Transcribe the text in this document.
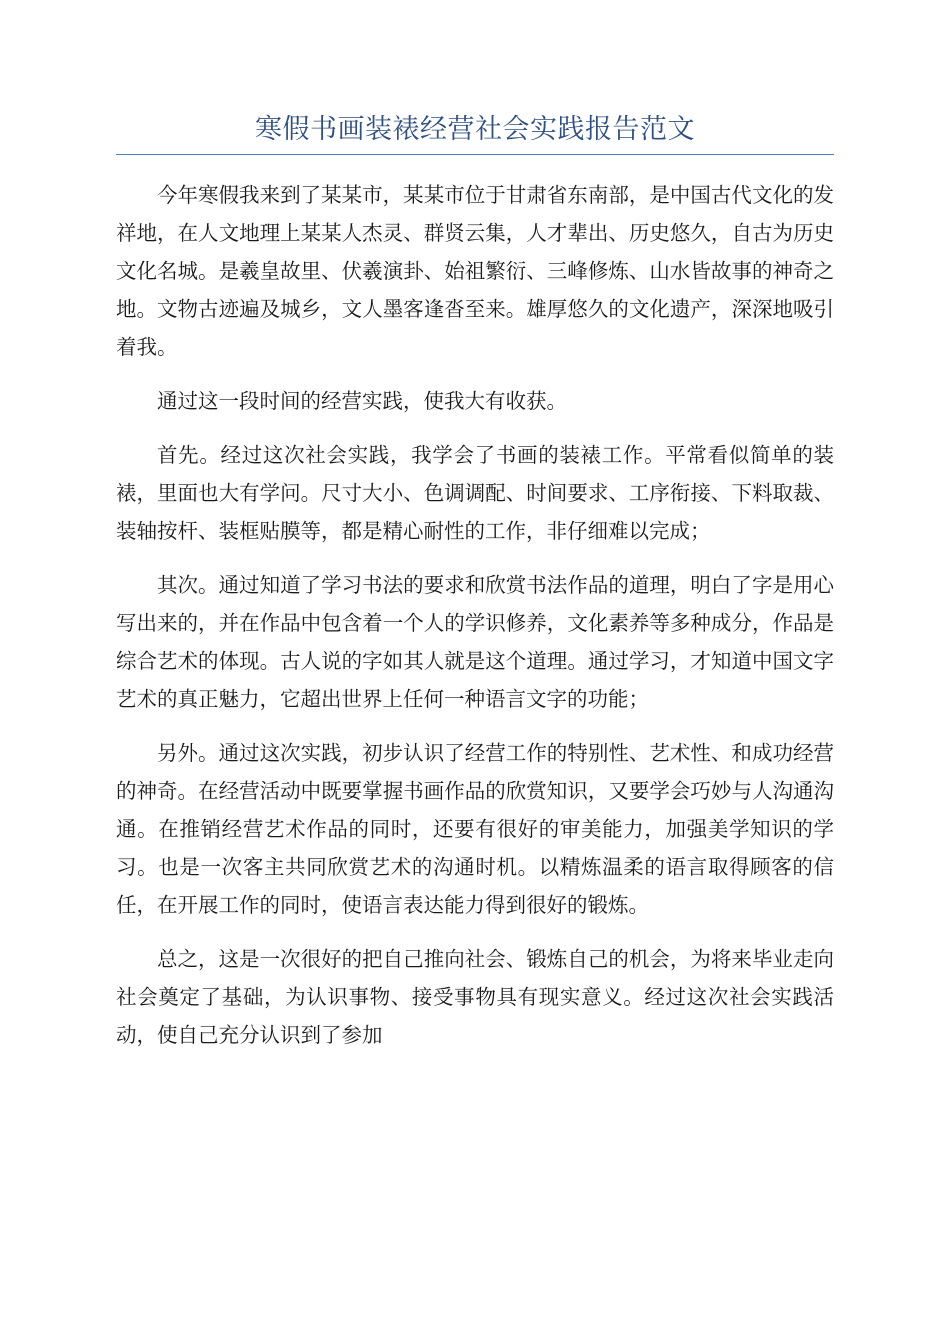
寒假书画装裱经营社会实践报告范文

今年寒假我来到了某某市，某某市位于甘肃省东南部，是中国古代文化的发祥地，在人文地理上某某人杰灵、群贤云集，人才辈出、历史悠久，自古为历史文化名城。是羲皇故里、伏羲演卦、始祖繁衍、三峰修炼、山水皆故事的神奇之地。文物古迹遍及城乡，文人墨客逢沓至来。雄厚悠久的文化遗产，深深地吸引着我。

通过这一段时间的经营实践，使我大有收获。

首先。经过这次社会实践，我学会了书画的装裱工作。平常看似简单的装裱，里面也大有学问。尺寸大小、色调调配、时间要求、工序衔接、下料取裁、装轴按杆、装框贴膜等，都是精心耐性的工作，非仔细难以完成；

其次。通过知道了学习书法的要求和欣赏书法作品的道理，明白了字是用心写出来的，并在作品中包含着一个人的学识修养，文化素养等多种成分，作品是综合艺术的体现。古人说的字如其人就是这个道理。通过学习，才知道中国文字艺术的真正魅力，它超出世界上任何一种语言文字的功能；

另外。通过这次实践，初步认识了经营工作的特别性、艺术性、和成功经营的神奇。在经营活动中既要掌握书画作品的欣赏知识，又要学会巧妙与人沟通沟通。在推销经营艺术作品的同时，还要有很好的审美能力，加强美学知识的学习。也是一次客主共同欣赏艺术的沟通时机。以精炼温柔的语言取得顾客的信任，在开展工作的同时，使语言表达能力得到很好的锻炼。

总之，这是一次很好的把自己推向社会、锻炼自己的机会，为将来毕业走向社会奠定了基础，为认识事物、接受事物具有现实意义。经过这次社会实践活动，使自己充分认识到了参加
